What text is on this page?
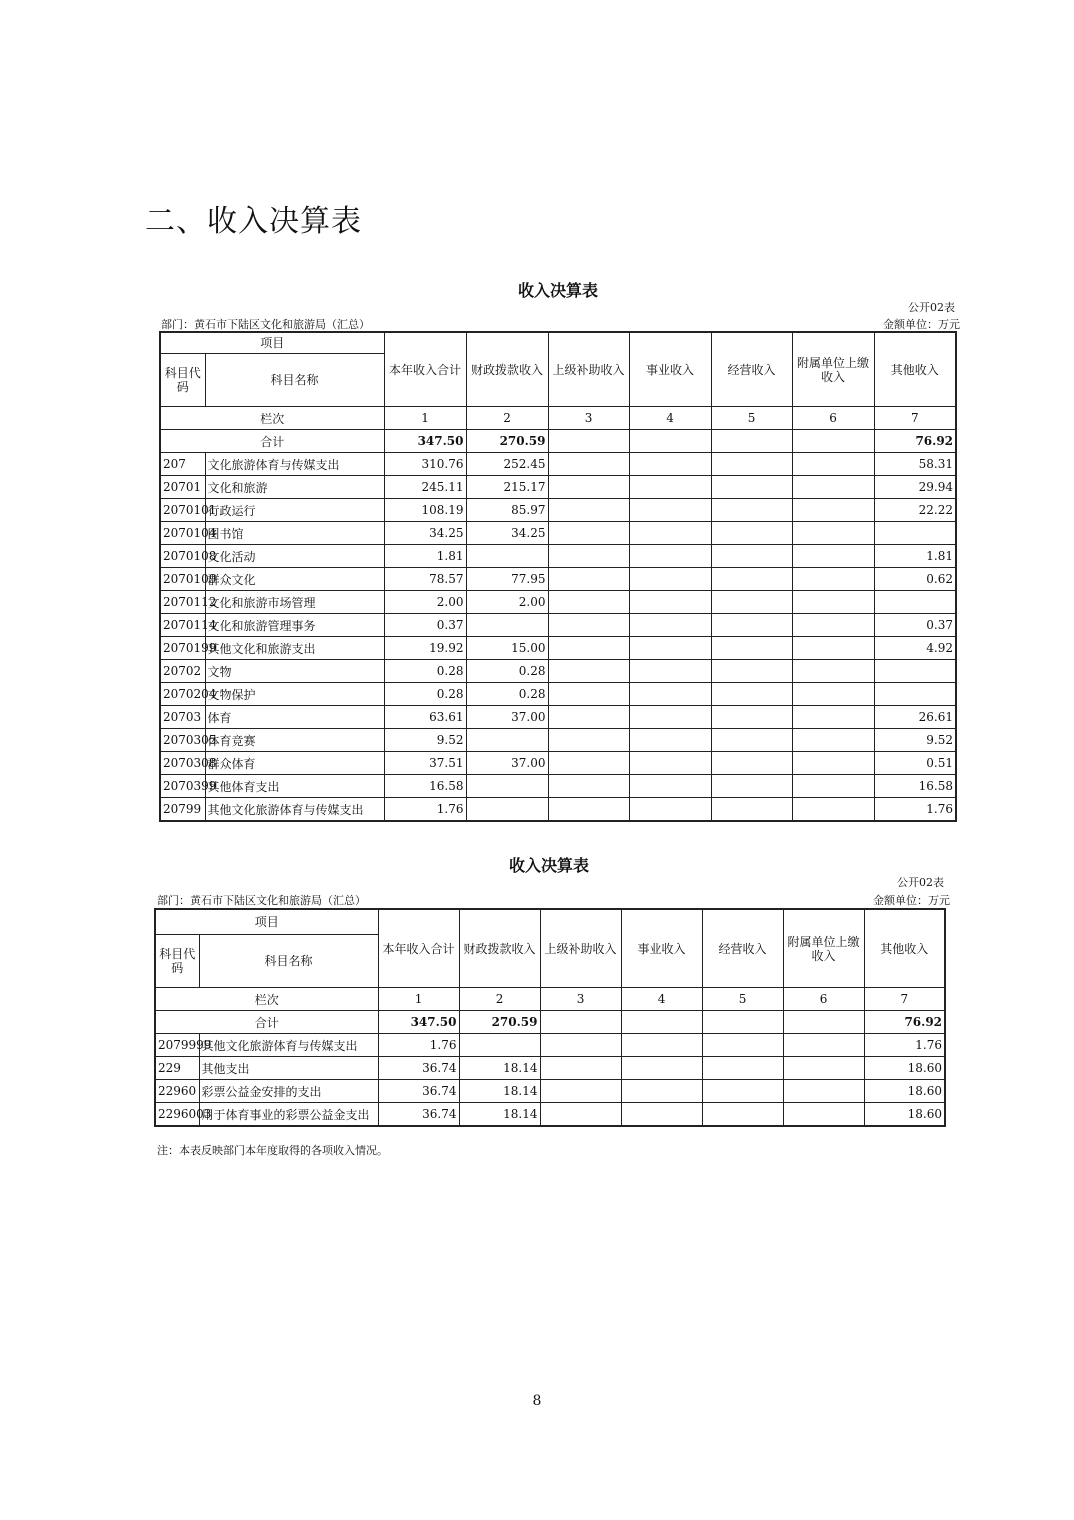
二、收入决算表
收入决算表
公开02表
部门：黄石市下陆区文化和旅游局（汇总）	金额单位：万元
项目		本年收入合计	财政拨款收入	上级补助收入	事业收入	经营收入	附属单位上缴收入	其他收入
科目代码	科目名称							
栏次		1	2	3	4	5	6	7
合计		347.50	270.59					76.92
207	文化旅游体育与传媒支出	310.76	252.45					58.31
20701	文化和旅游	245.11	215.17					29.94
2070101	行政运行	108.19	85.97					22.22
2070104	图书馆	34.25	34.25					
2070108	文化活动	1.81						1.81
2070109	群众文化	78.57	77.95					0.62
2070112	文化和旅游市场管理	2.00	2.00					
2070114	文化和旅游管理事务	0.37						0.37
2070199	其他文化和旅游支出	19.92	15.00					4.92
20702	文物	0.28	0.28					
2070204	文物保护	0.28	0.28					
20703	体育	63.61	37.00					26.61
2070305	体育竞赛	9.52						9.52
2070308	群众体育	37.51	37.00					0.51
2070399	其他体育支出	16.58						16.58
20799	其他文化旅游体育与传媒支出	1.76						1.76
收入决算表
公开02表
部门：黄石市下陆区文化和旅游局（汇总）	金额单位：万元
项目		本年收入合计	财政拨款收入	上级补助收入	事业收入	经营收入	附属单位上缴收入	其他收入
科目代码	科目名称							
栏次		1	2	3	4	5	6	7
合计		347.50	270.59					76.92
2079999	其他文化旅游体育与传媒支出	1.76						1.76
229	其他支出	36.74	18.14					18.60
22960	彩票公益金安排的支出	36.74	18.14					18.60
2296003	用于体育事业的彩票公益金支出	36.74	18.14					18.60
注：本表反映部门本年度取得的各项收入情况。
8
